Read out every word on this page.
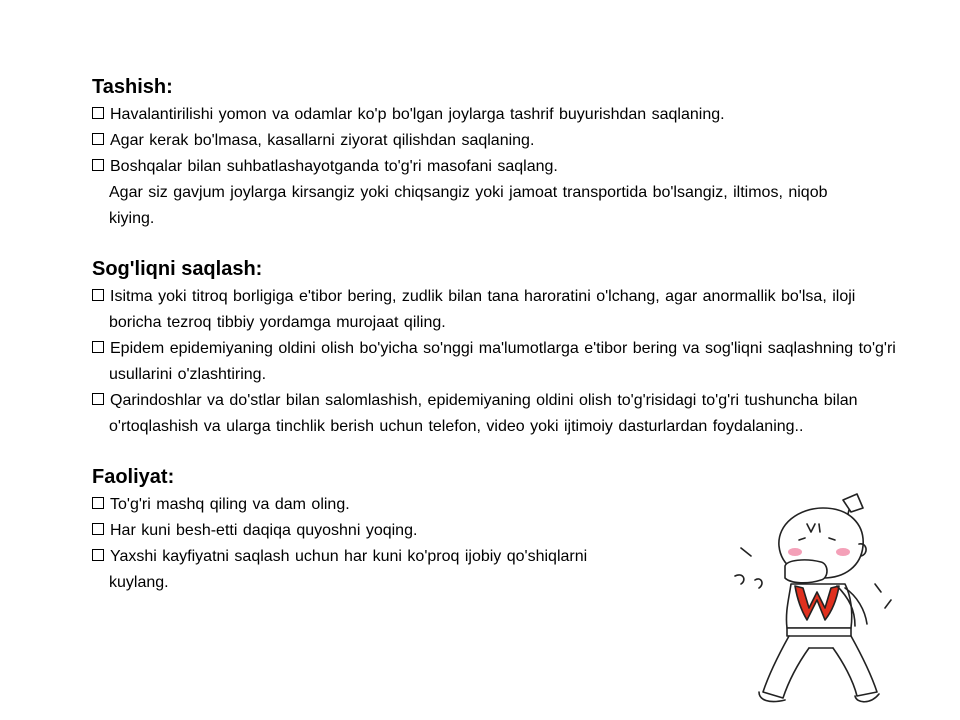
Tashish:

Havalantirilishi yomon va odamlar ko'p bo'lgan joylarga tashrif buyurishdan saqlaning.

Agar kerak bo'lmasa, kasallarni ziyorat qilishdan saqlaning.

Boshqalar bilan suhbatlashayotganda to'g'ri masofani saqlang.

Agar siz gavjum joylarga kirsangiz yoki chiqsangiz yoki jamoat transportida bo'lsangiz, iltimos, niqob kiying.

Sog'liqni saqlash:

Isitma yoki titroq borligiga e'tibor bering, zudlik bilan tana haroratini o'lchang, agar anormallik bo'lsa, iloji boricha tezroq tibbiy yordamga murojaat qiling.

Epidem epidemiyaning oldini olish bo'yicha so'nggi ma'lumotlarga e'tibor bering va sog'liqni saqlashning to'g'ri usullarini o'zlashtiring.

Qarindoshlar va do'stlar bilan salomlashish, epidemiyaning oldini olish to'g'risidagi to'g'ri tushuncha bilan o'rtoqlashish va ularga tinchlik berish uchun telefon, video yoki ijtimoiy dasturlardan foydalaning..

Faoliyat:

To'g'ri mashq qiling va dam oling.

Har kuni besh-etti daqiqa quyoshni yoqing.

Yaxshi kayfiyatni saqlash uchun har kuni ko'proq ijobiy qo'shiqlarni kuylang.
